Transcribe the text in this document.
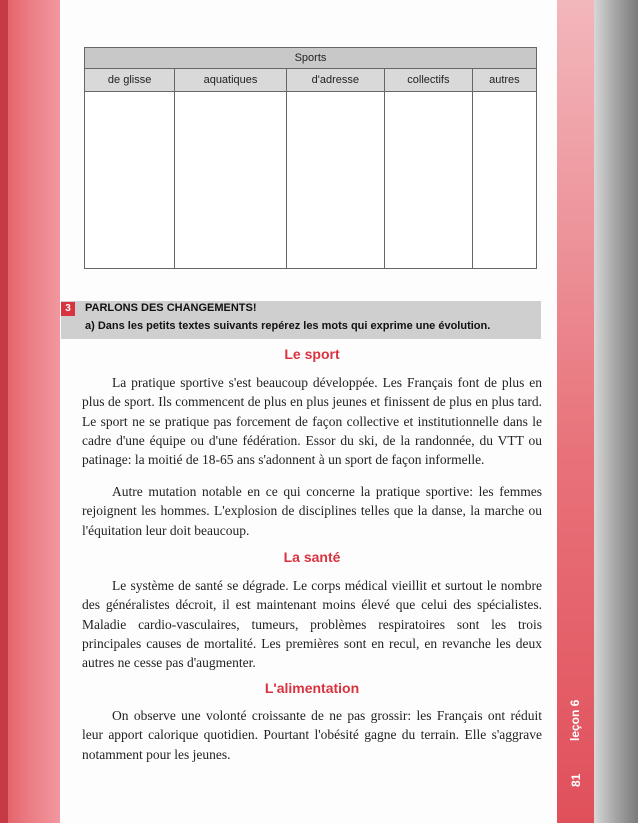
Sports				
de glisse	aquatiques	d'adresse	collectifs	autres

3	PARLONS DES CHANGEMENTS!
a) Dans les petits textes suivants repérez les mots qui exprime une évolution.
Le sport

La pratique sportive s'est beaucoup développée. Les Français font de plus en plus de sport. Ils commencent de plus en plus jeunes et finissent de plus en plus tard. Le sport ne se pratique pas forcement de façon collective et institutionnelle dans le cadre d'une équipe ou d'une fédération. Essor du ski, de la randonnée, du VTT ou patinage: la moitié de 18-65 ans s'adonnent à un sport de façon informelle.

Autre mutation notable en ce qui concerne la pratique sportive: les femmes rejoignent les hommes. L'explosion de disciplines telles que la danse, la marche ou l'équitation leur doit beaucoup.

La santé

Le système de santé se dégrade. Le corps médical vieillit et surtout le nombre des généralistes décroit, il est maintenant moins élevé que celui des spécialistes. Maladie cardio-vasculaires, tumeurs, problèmes respiratoires sont les trois principales causes de mortalité. Les premières sont en recul, en revanche les deux autres ne cesse pas d'augmenter.

L'alimentation

On observe une volonté croissante de ne pas grossir: les Français ont réduit leur apport calorique quotidien. Pourtant l'obésité gagne du terrain. Elle s'aggrave notamment pour les jeunes.

leçon 6
81
